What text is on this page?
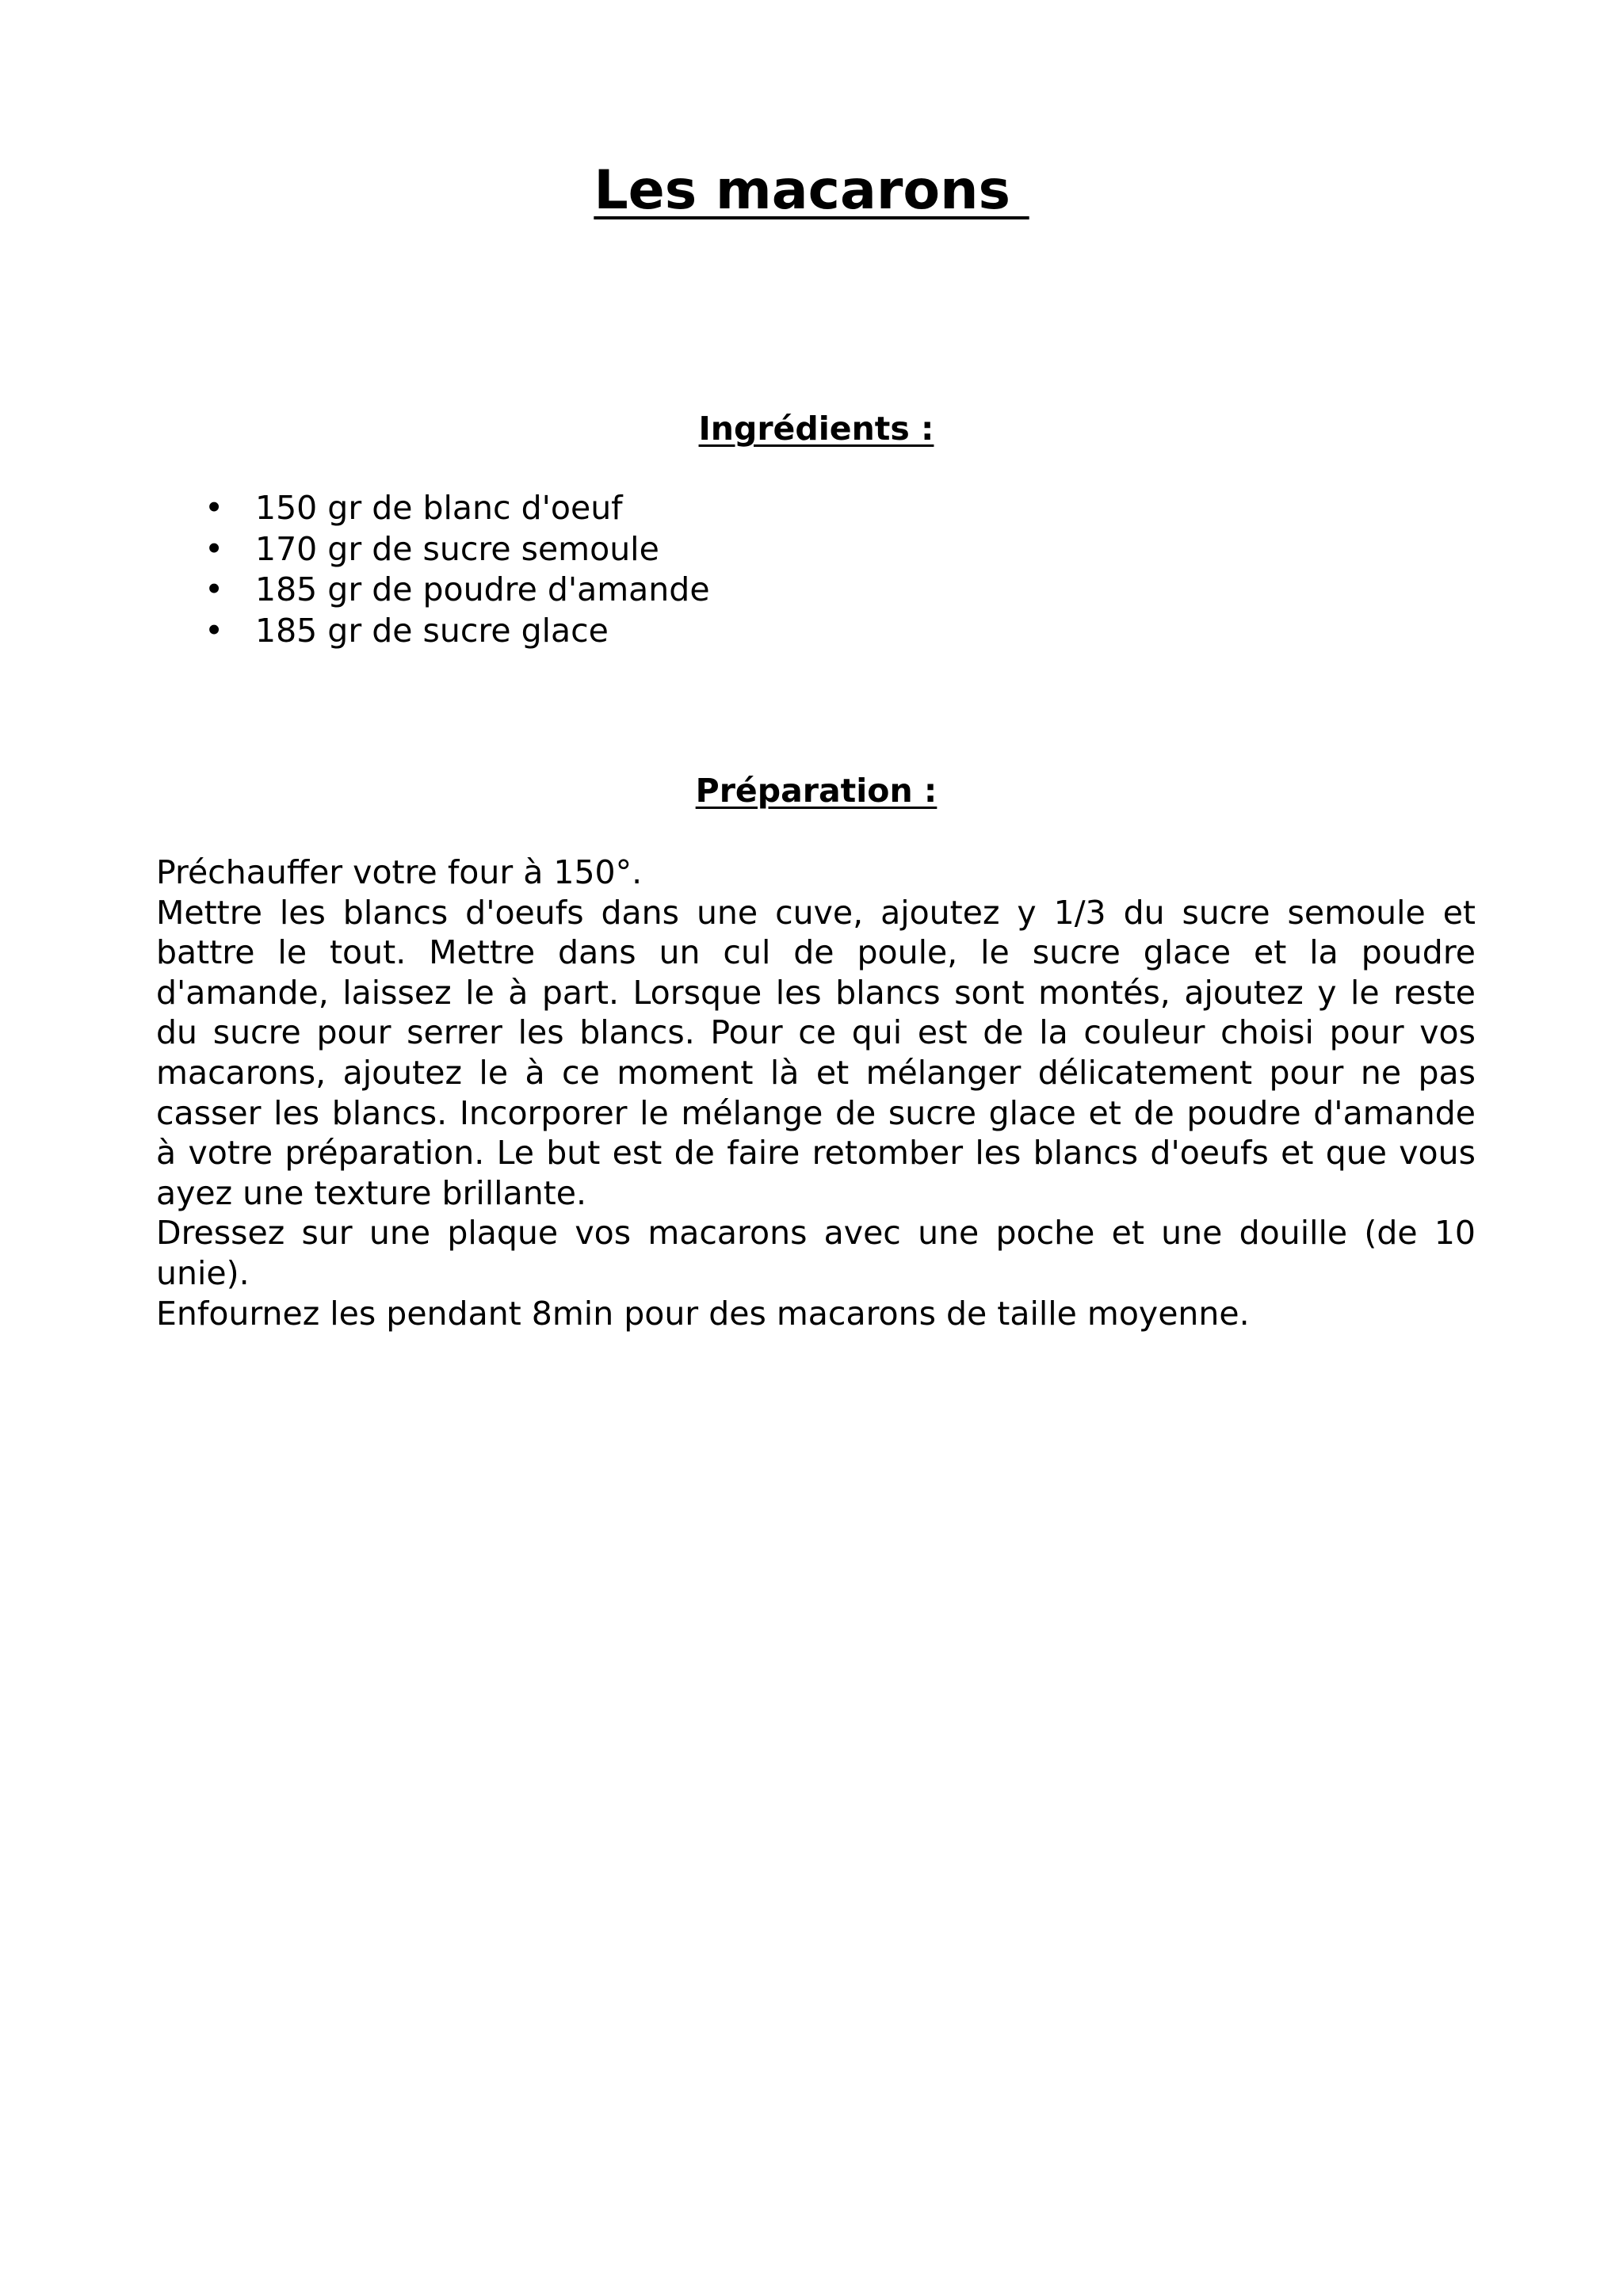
Les macarons
Ingrédients :
• 150 gr de blanc d'oeuf
• 170 gr de sucre semoule
• 185 gr de poudre d'amande
• 185 gr de sucre glace
Préparation :

Préchauffer votre four à 150°.

Mettre les blancs d'oeufs dans une cuve, ajoutez y 1/3 du sucre semoule et battre le tout. Mettre dans un cul de poule, le sucre glace et la poudre d'amande, laissez le à part. Lorsque les blancs sont montés, ajoutez y le reste du sucre pour serrer les blancs. Pour ce qui est de la couleur choisi pour vos macarons, ajoutez le à ce moment là et mélanger délicatement pour ne pas casser les blancs. Incorporer le mélange de sucre glace et de poudre d'amande à votre préparation. Le but est de faire retomber les blancs d'oeufs et que vous ayez une texture brillante.

Dressez sur une plaque vos macarons avec une poche et une douille (de 10 unie).

Enfournez les pendant 8min pour des macarons de taille moyenne.
